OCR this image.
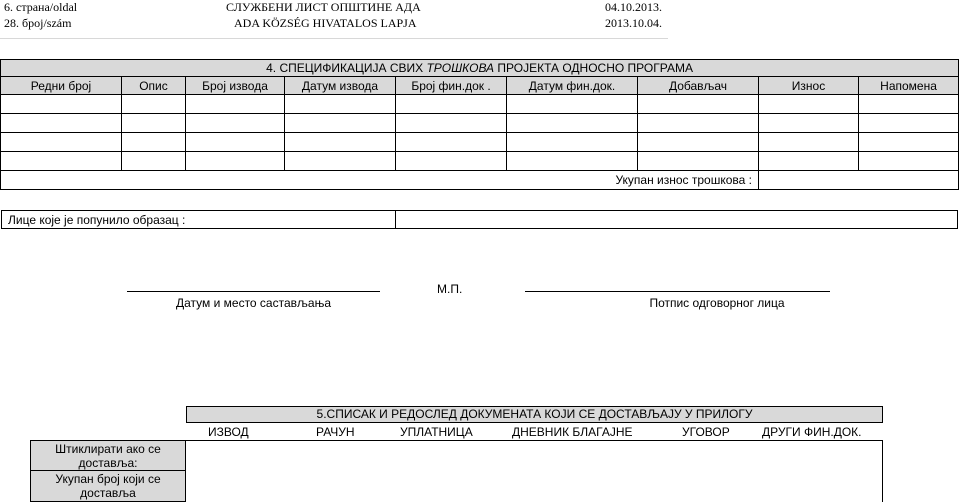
6. страна/oldal
28. број/szám
СЛУЖБЕНИ ЛИСТ ОПШТИНЕ АДА
ADA KÖZSÉG HIVATALOS LAPJA
04.10.2013.
2013.10.04.
4. СПЕЦИФИКАЦИЈА СВИХ ТРОШКОВА ПРОЈЕКТА ОДНОСНО ПРОГРАМА								
Редни број	Опис	Број извода	Датум извода	Број фин.док .	Датум фин.док.	Добављач	Износ	Напомена

Укупан износ трошкова :								
Лице које је попунило образац :
Датум и место састављања
М.П.
Потпис одговорног лица
5.СПИСАК И РЕДОСЛЕД ДОКУМЕНАТА КОЈИ СЕ ДОСТАВЉАЈУ У ПРИЛОГУ
ИЗВОД	РАЧУН	УПЛАТНИЦА	ДНЕВНИК БЛАГАЈНЕ	УГОВОР	ДРУГИ ФИН.ДОК.
Штиклирати ако се достављa:
Укупан број који се доставља
